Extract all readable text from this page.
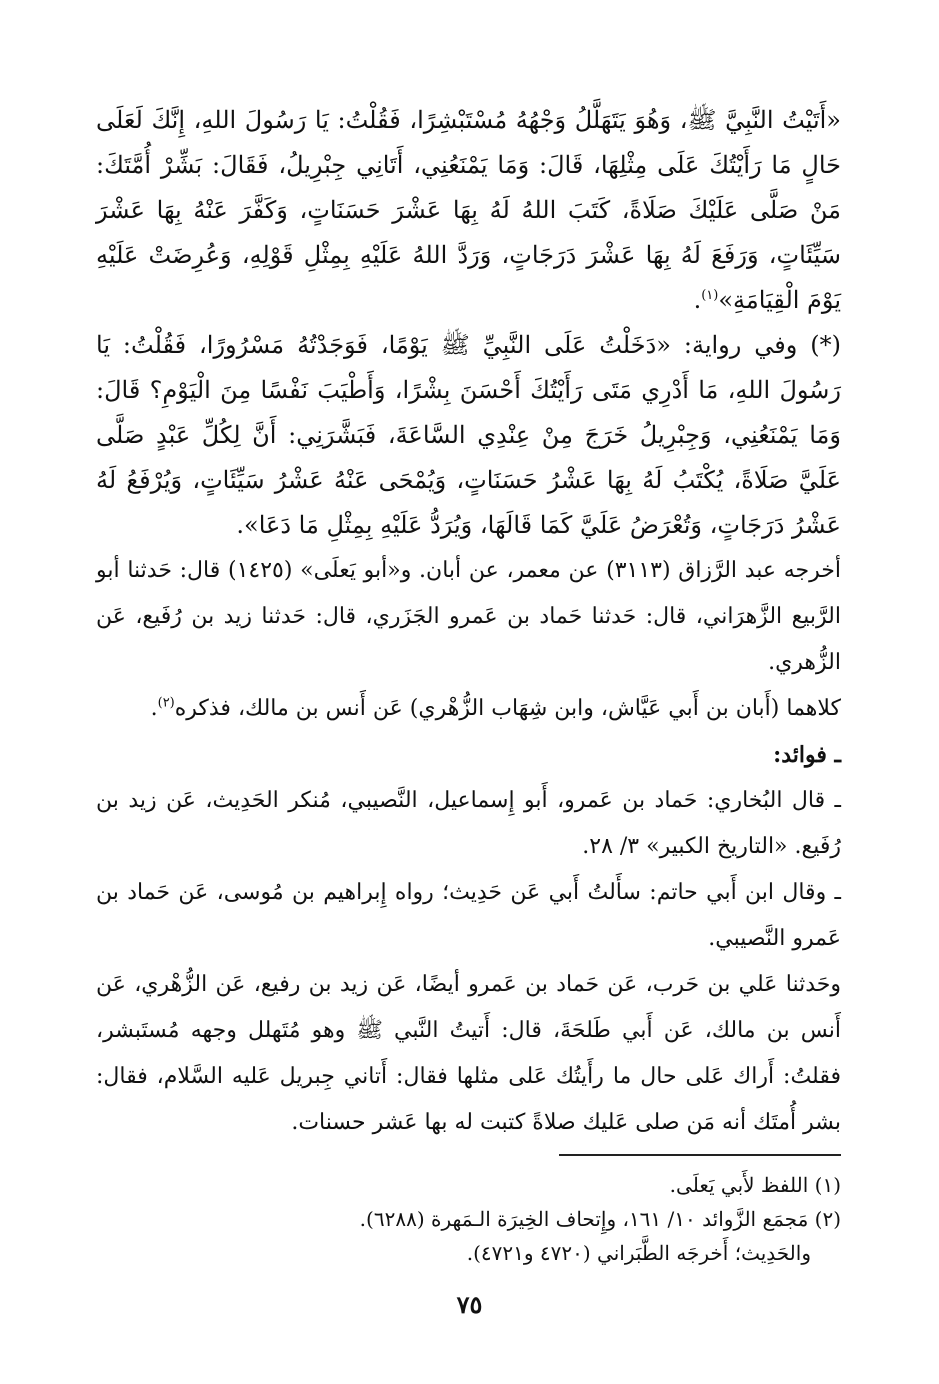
«أَتَيْتُ النَّبِيَّ ﷺ، وَهُوَ يَتَهَلَّلُ وَجْهُهُ مُسْتَبْشِرًا، فَقُلْتُ: يَا رَسُولَ اللهِ، إِنَّكَ لَعَلَى حَالٍ مَا رَأَيْتُكَ عَلَى مِثْلِهَا، قَالَ: وَمَا يَمْنَعُنِي، أَتَانِي جِبْرِيلُ، فَقَالَ: بَشِّرْ أُمَّتَكَ: مَنْ صَلَّى عَلَيْكَ صَلَاةً، كَتَبَ اللهُ لَهُ بِهَا عَشْرَ حَسَنَاتٍ، وَكَفَّرَ عَنْهُ بِهَا عَشْرَ سَيِّئَاتٍ، وَرَفَعَ لَهُ بِهَا عَشْرَ دَرَجَاتٍ، وَرَدَّ اللهُ عَلَيْهِ بِمِثْلِ قَوْلِهِ، وَعُرِضَتْ عَلَيْهِ يَوْمَ الْقِيَامَةِ»$^{(١)}$.

(*) وفي رواية: «دَخَلْتُ عَلَى النَّبِيِّ ﷺ يَوْمًا، فَوَجَدْتُهُ مَسْرُورًا، فَقُلْتُ: يَا رَسُولَ اللهِ، مَا أَدْرِي مَتَى رَأَيْتُكَ أَحْسَنَ بِشْرًا، وَأَطْيَبَ نَفْسًا مِنَ الْيَوْمِ؟ قَالَ: وَمَا يَمْنَعُنِي، وَجِبْرِيلُ خَرَجَ مِنْ عِنْدِي السَّاعَةَ، فَبَشَّرَنِي: أَنَّ لِكُلِّ عَبْدٍ صَلَّى عَلَيَّ صَلَاةً، يُكْتَبُ لَهُ بِهَا عَشْرُ حَسَنَاتٍ، وَيُمْحَى عَنْهُ عَشْرُ سَيِّئَاتٍ، وَيُرْفَعُ لَهُ عَشْرُ دَرَجَاتٍ، وَتُعْرَضُ عَلَيَّ كَمَا قَالَهَا، وَيُرَدُّ عَلَيْهِ بِمِثْلِ مَا دَعَا».

أخرجه عبد الرَّزاق (٣١١٣) عن معمر، عن أبان. و«أبو يَعلَى» (١٤٢٥) قال: حَدثنا أبو الرَّبيع الزَّهرَاني، قال: حَدثنا حَماد بن عَمرو الجَزَري، قال: حَدثنا زيد بن رُفَيع، عَن الزُّهري.

كلاهما (أَبان بن أَبي عَيَّاش، وابن شِهَاب الزُّهْري) عَن أَنس بن مالك، فذكره$^{(٢)}$.

ـ فوائد:

ـ قال البُخاري: حَماد بن عَمرو، أَبو إِسماعيل، النَّصيبي، مُنكر الحَدِيث، عَن زيد بن رُفَيع. «التاريخ الكبير» ٣/ ٢٨.

ـ وقال ابن أَبي حاتم: سأَلتُ أَبي عَن حَدِيث؛ رواه إِبراهيم بن مُوسى، عَن حَماد بن عَمرو النَّصيبي.

وحَدثنا عَلي بن حَرب، عَن حَماد بن عَمرو أيضًا، عَن زيد بن رفيع، عَن الزُّهْري، عَن أَنس بن مالك، عَن أَبي طَلحَةَ، قال: أَتيتُ النَّبي ﷺ وهو مُتَهلل وجهه مُستَبشر، فقلتُ: أَراك عَلى حال ما رأَيتُك عَلى مثلها فقال: أَتاني جِبريل عَليه السَّلام، فقال: بشر أُمتَك أنه مَن صلى عَليك صلاةً كتبت له بها عَشر حسنات.

(١) اللفظ لأَبي يَعلَى.

(٢) مَجمَع الزَّوائد ١٠/ ١٦١، وإِتحاف الخِيرَة الـمَهرة (٦٢٨٨).

والحَدِيث؛ أَخرجَه الطَّبَراني (٤٧٢٠ و٤٧٢١).

٧٥
